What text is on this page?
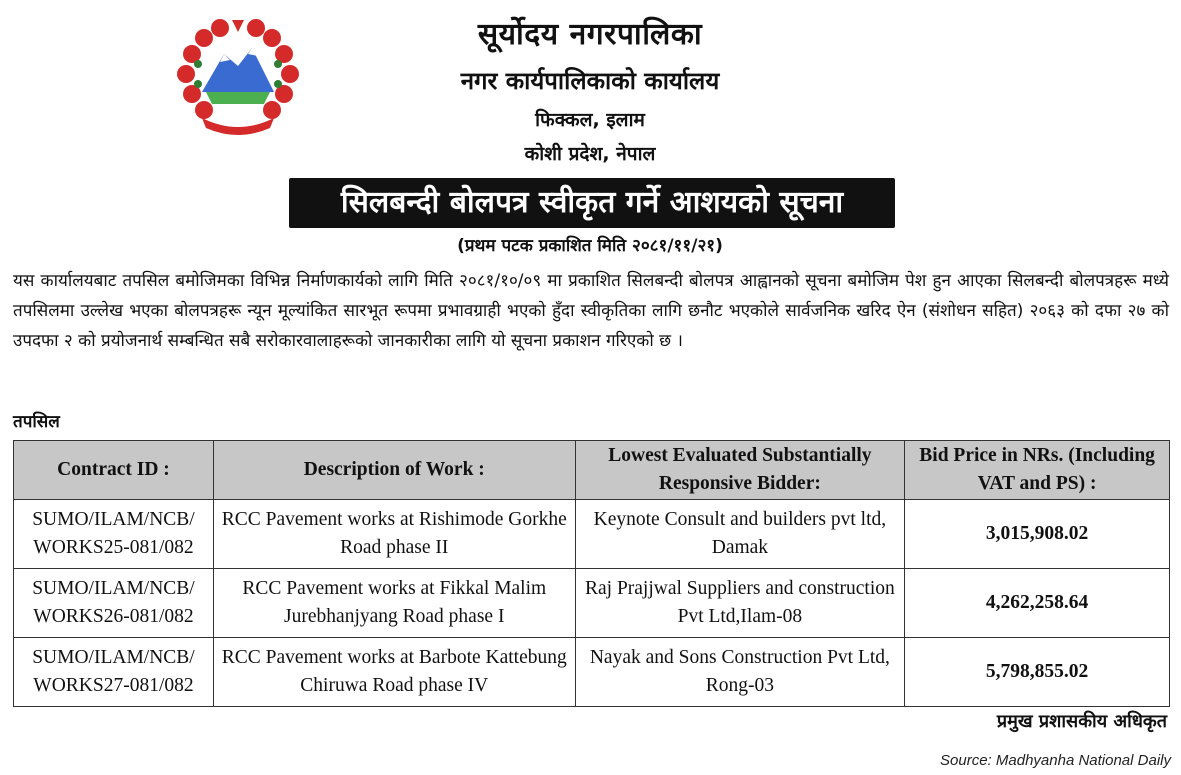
सूर्योदय नगरपालिका
नगर कार्यपालिकाको कार्यालय
फिक्कल, इलाम
कोशी प्रदेश, नेपाल
सिलबन्दी बोलपत्र स्वीकृत गर्ने आशयको सूचना
(प्रथम पटक प्रकाशित मिति २०८१/११/२१)

यस कार्यालयबाट तपसिल बमोजिमका विभिन्न निर्माणकार्यको लागि मिति २०८१/१०/०९ मा प्रकाशित सिलबन्दी बोलपत्र आह्वानको सूचना बमोजिम पेश हुन आएका सिलबन्दी बोलपत्रहरू मध्ये तपसिलमा उल्लेख भएका बोलपत्रहरू न्यून मूल्यांकित सारभूत रूपमा प्रभावग्राही भएको हुँदा स्वीकृतिका लागि छनौट भएकोले सार्वजनिक खरिद ऐन (संशोधन सहित) २०६३ को दफा २७ को उपदफा २ को प्रयोजनार्थ सम्बन्धित सबै सरोकारवालाहरूको जानकारीका लागि यो सूचना प्रकाशन गरिएको छ ।

तपसिल
Contract ID :	Description of Work :	Lowest Evaluated Substantially Responsive Bidder:	Bid Price in NRs. (Including VAT and PS) :
SUMO/ILAM/NCB/ WORKS25-081/082	RCC Pavement works at Rishimode Gorkhe Road phase II	Keynote Consult and builders pvt ltd, Damak	3,015,908.02
SUMO/ILAM/NCB/ WORKS26-081/082	RCC Pavement works at Fikkal Malim Jurebhanjyang Road phase I	Raj Prajjwal Suppliers and construction Pvt Ltd,Ilam-08	4,262,258.64
SUMO/ILAM/NCB/ WORKS27-081/082	RCC Pavement works at Barbote Kattebung Chiruwa Road phase IV	Nayak and Sons Construction Pvt Ltd, Rong-03	5,798,855.02
प्रमुख प्रशासकीय अधिकृत
Source: Madhyanha National Daily
